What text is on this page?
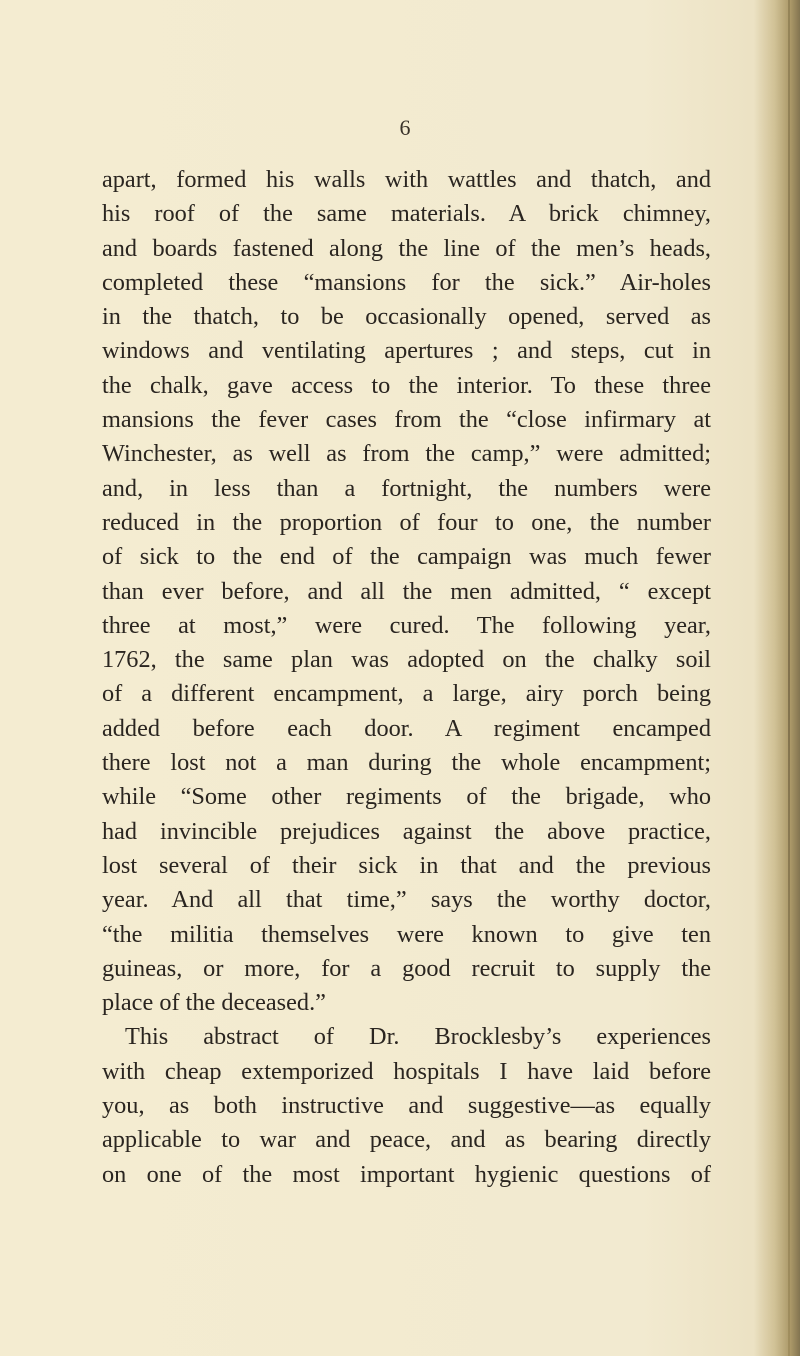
6
apart, formed his walls with wattles and thatch, and
his roof of the same materials. A brick chimney,
and boards fastened along the line of the men’s heads,
completed these “mansions for the sick.” Air-holes
in the thatch, to be occasionally opened, served as
windows and ventilating apertures ; and steps, cut in
the chalk, gave access to the interior. To these three
mansions the fever cases from the “close infirmary at
Winchester, as well as from the camp,” were admitted;
and, in less than a fortnight, the numbers were
reduced in the proportion of four to one, the number
of sick to the end of the campaign was much fewer
than ever before, and all the men admitted, “ except
three at most,” were cured. The following year,
1762, the same plan was adopted on the chalky soil
of a different encampment, a large, airy porch being
added before each door. A regiment encamped
there lost not a man during the whole encampment;
while “Some other regiments of the brigade, who
had invincible prejudices against the above practice,
lost several of their sick in that and the previous
year. And all that time,” says the worthy doctor,
“the militia themselves were known to give ten
guineas, or more, for a good recruit to supply the
place of the deceased.”
This abstract of Dr. Brocklesby’s experiences
with cheap extemporized hospitals I have laid before
you, as both instructive and suggestive—as equally
applicable to war and peace, and as bearing directly
on one of the most important hygienic questions of
